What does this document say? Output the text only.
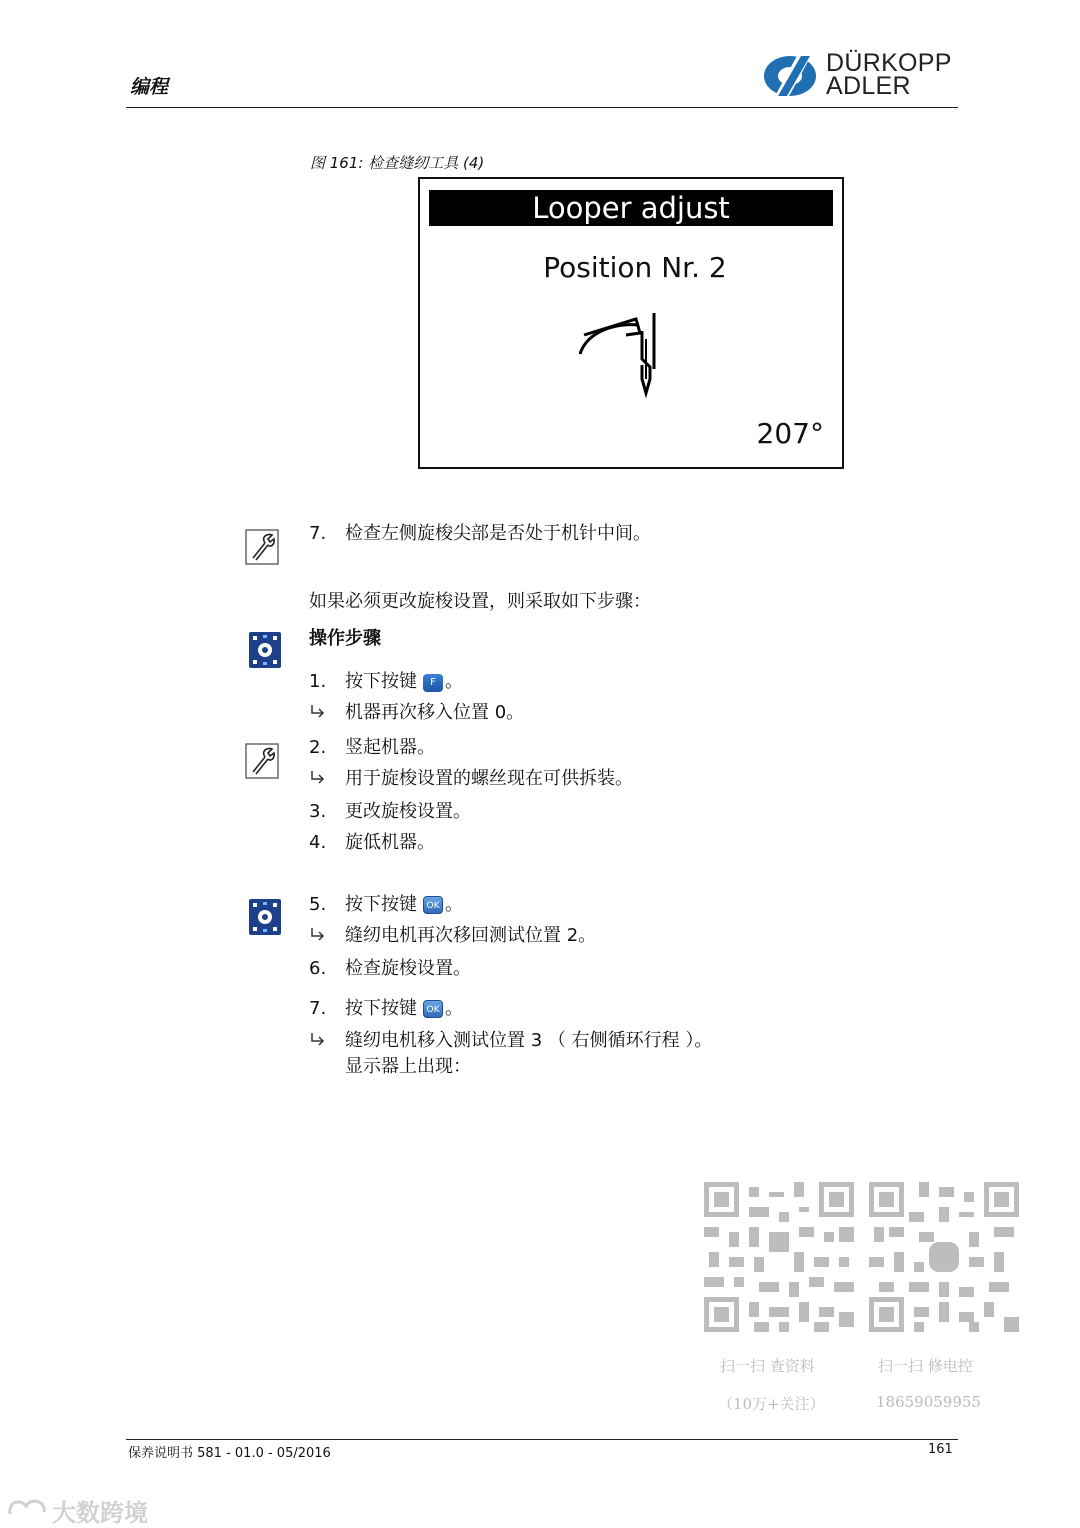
编程
DÜRKOPP
ADLER
图 161: 检查缝纫工具 (4)
Looper adjust
Position Nr. 2
207°
7. 检查左侧旋梭尖部是否处于机针中间。
如果必须更改旋梭设置，则采取如下步骤：
操作步骤
1. 按下按键 F 。
机器再次移入位置 0。
2. 竖起机器。
用于旋梭设置的螺丝现在可供拆装。
3. 更改旋梭设置。
4. 旋低机器。
5. 按下按键 OK 。
缝纫电机再次移回测试位置 2。
6. 检查旋梭设置。
7. 按下按键 OK 。
缝纫电机移入测试位置 3 （ 右侧循环行程 ）。
显示器上出现：
扫一扫 查资料
（10万+关注）
扫一扫 修电控
18659059955
保养说明书 581 - 01.0 - 05/2016	161
大数跨境
